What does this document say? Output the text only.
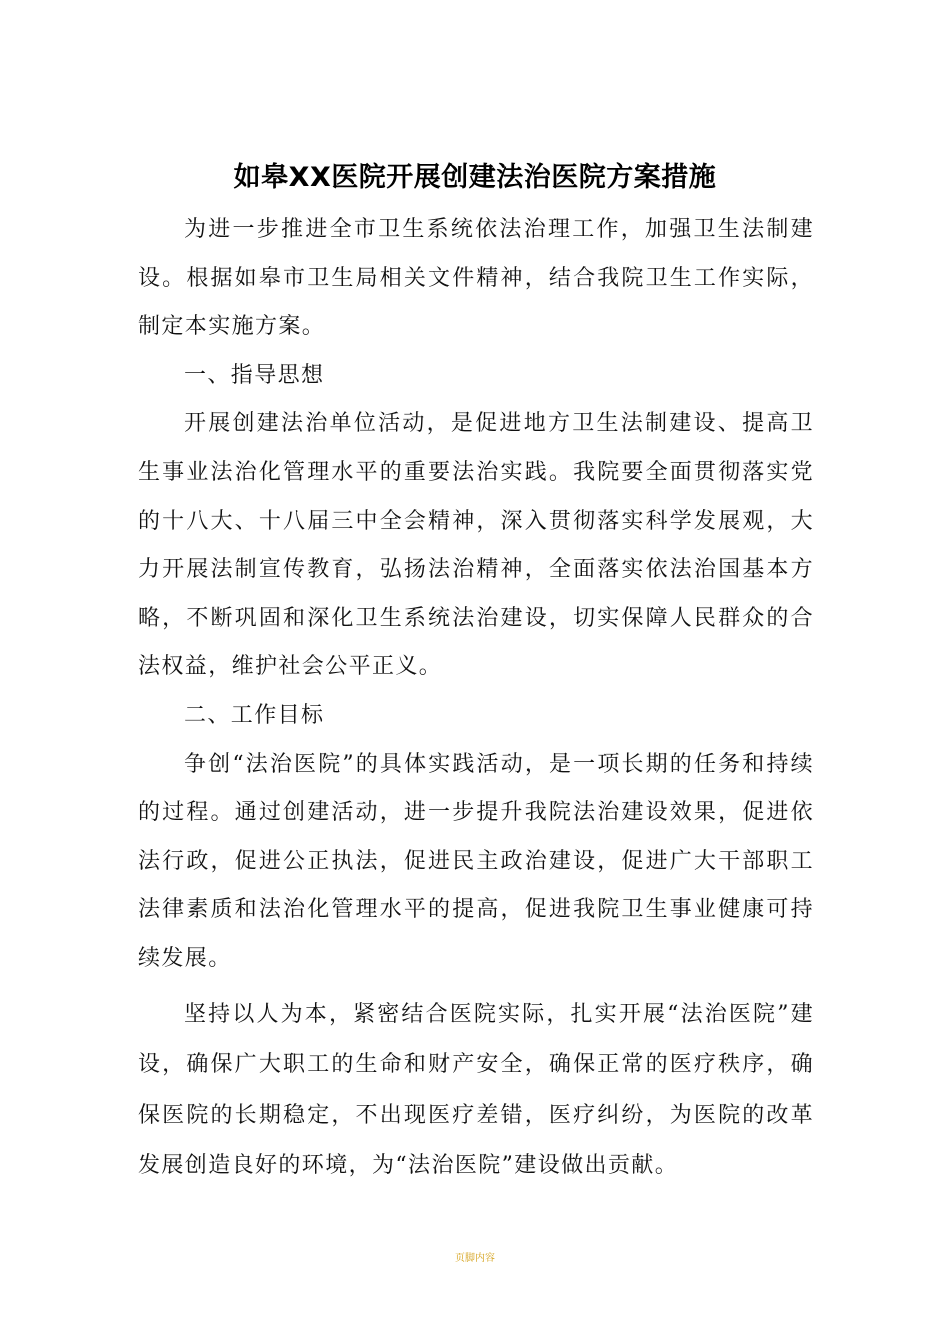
如皋XX医院开展创建法治医院方案措施

为进一步推进全市卫生系统依法治理工作，加强卫生法制建设。根据如皋市卫生局相关文件精神，结合我院卫生工作实际，制定本实施方案。

一、指导思想

开展创建法治单位活动，是促进地方卫生法制建设、提高卫生事业法治化管理水平的重要法治实践。我院要全面贯彻落实党的十八大、十八届三中全会精神，深入贯彻落实科学发展观，大力开展法制宣传教育，弘扬法治精神，全面落实依法治国基本方略，不断巩固和深化卫生系统法治建设，切实保障人民群众的合法权益，维护社会公平正义。

二、工作目标

争创“法治医院”的具体实践活动，是一项长期的任务和持续的过程。通过创建活动，进一步提升我院法治建设效果，促进依法行政，促进公正执法，促进民主政治建设，促进广大干部职工法律素质和法治化管理水平的提高，促进我院卫生事业健康可持续发展。

坚持以人为本，紧密结合医院实际，扎实开展“法治医院”建设，确保广大职工的生命和财产安全，确保正常的医疗秩序，确保医院的长期稳定，不出现医疗差错，医疗纠纷，为医院的改革发展创造良好的环境，为“法治医院”建设做出贡献。

页脚内容
